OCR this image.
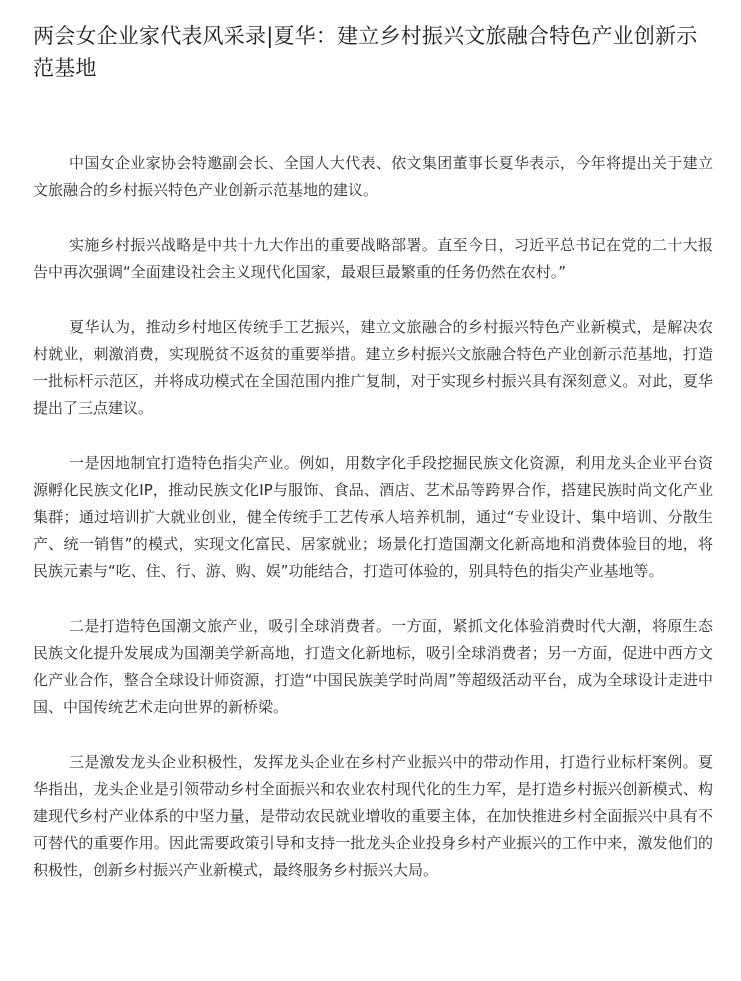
两会女企业家代表风采录|夏华：建立乡村振兴文旅融合特色产业创新示范基地

中国女企业家协会特邀副会长、全国人大代表、依文集团董事长夏华表示，今年将提出关于建立文旅融合的乡村振兴特色产业创新示范基地的建议。

实施乡村振兴战略是中共十九大作出的重要战略部署。直至今日，习近平总书记在党的二十大报告中再次强调“全面建设社会主义现代化国家，最艰巨最繁重的任务仍然在农村。”

夏华认为，推动乡村地区传统手工艺振兴，建立文旅融合的乡村振兴特色产业新模式，是解决农村就业，刺激消费，实现脱贫不返贫的重要举措。建立乡村振兴文旅融合特色产业创新示范基地，打造一批标杆示范区，并将成功模式在全国范围内推广复制，对于实现乡村振兴具有深刻意义。对此，夏华提出了三点建议。

一是因地制宜打造特色指尖产业。例如，用数字化手段挖掘民族文化资源，利用龙头企业平台资源孵化民族文化IP，推动民族文化IP与服饰、食品、酒店、艺术品等跨界合作，搭建民族时尚文化产业集群；通过培训扩大就业创业，健全传统手工艺传承人培养机制，通过“专业设计、集中培训、分散生产、统一销售”的模式，实现文化富民、居家就业；场景化打造国潮文化新高地和消费体验目的地，将民族元素与“吃、住、行、游、购、娱”功能结合，打造可体验的，别具特色的指尖产业基地等。

二是打造特色国潮文旅产业，吸引全球消费者。一方面，紧抓文化体验消费时代大潮，将原生态民族文化提升发展成为国潮美学新高地，打造文化新地标，吸引全球消费者；另一方面，促进中西方文化产业合作，整合全球设计师资源，打造“中国民族美学时尚周”等超级活动平台，成为全球设计走进中国、中国传统艺术走向世界的新桥梁。

三是激发龙头企业积极性，发挥龙头企业在乡村产业振兴中的带动作用，打造行业标杆案例。夏华指出，龙头企业是引领带动乡村全面振兴和农业农村现代化的生力军，是打造乡村振兴创新模式、构建现代乡村产业体系的中坚力量，是带动农民就业增收的重要主体，在加快推进乡村全面振兴中具有不可替代的重要作用。因此需要政策引导和支持一批龙头企业投身乡村产业振兴的工作中来，激发他们的积极性，创新乡村振兴产业新模式，最终服务乡村振兴大局。
